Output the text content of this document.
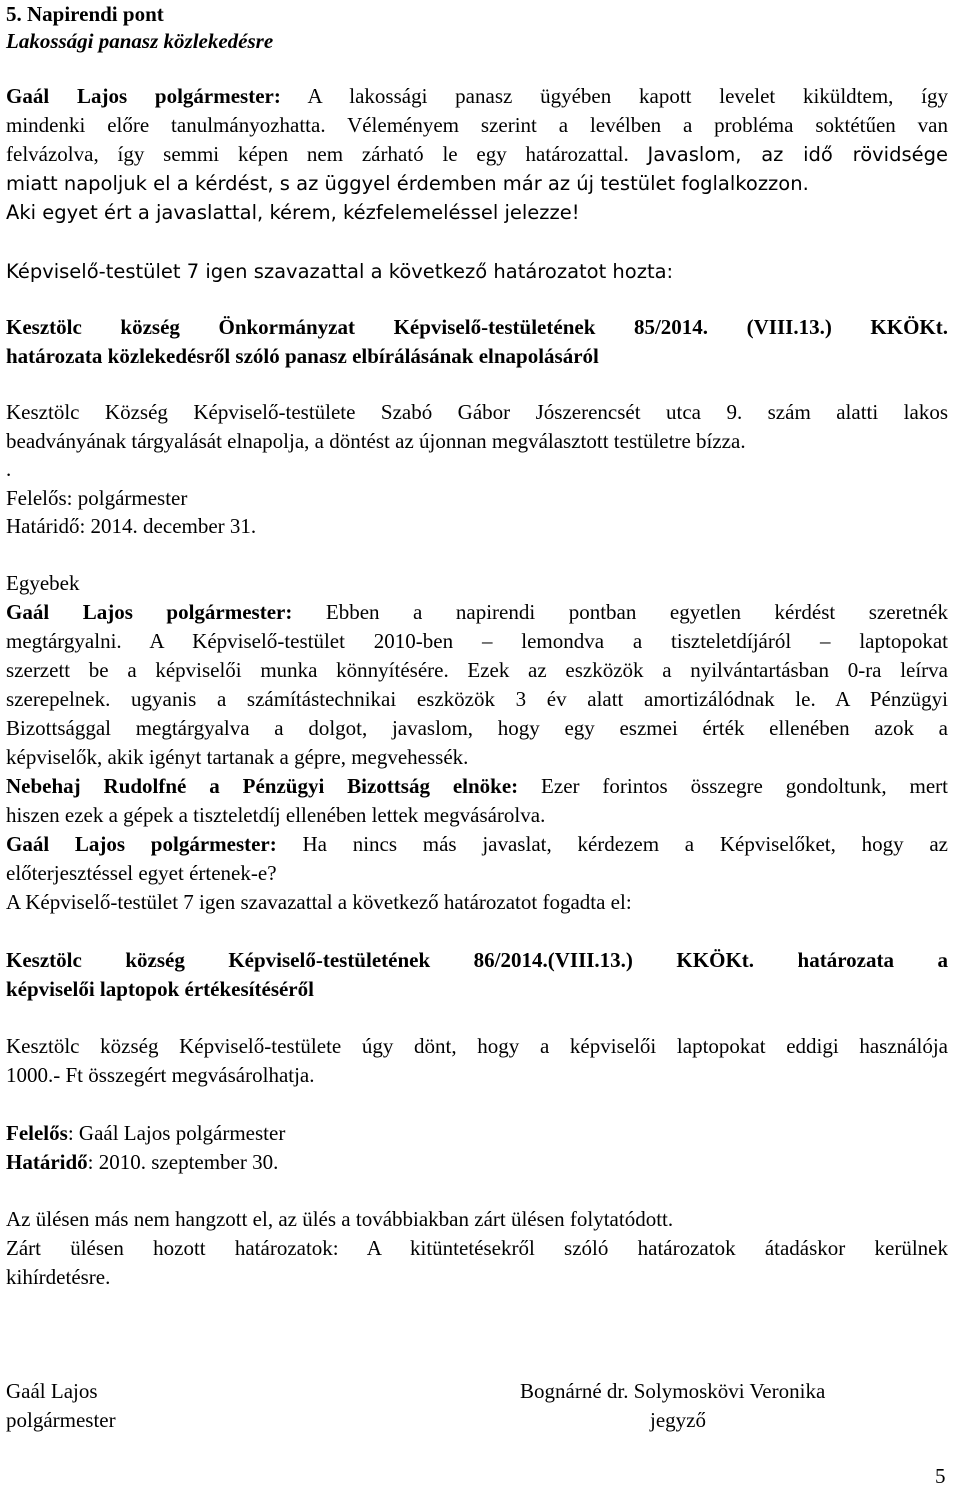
5. Napirendi pont
Lakossági panasz közlekedésre
Gaál Lajos polgármester: A lakossági panasz ügyében kapott levelet kiküldtem, így
mindenki előre tanulmányozhatta. Véleményem szerint a levélben a probléma soktétűen van
felvázolva, így semmi képen nem zárható le egy határozattal. Javaslom, az idő rövidsége
miatt napoljuk el a kérdést, s az üggyel érdemben már az új testület foglalkozzon.
Aki egyet ért a javaslattal, kérem, kézfelemeléssel jelezze!
Képviselő-testület 7 igen szavazattal a következő határozatot hozta:
Kesztölc község Önkormányzat Képviselő-testületének 85/2014. (VIII.13.) KKÖKt.
határozata közlekedésről szóló panasz elbírálásának elnapolásáról
Kesztölc Község Képviselő-testülete Szabó Gábor Jószerencsét utca 9. szám alatti lakos
beadványának tárgyalását elnapolja, a döntést az újonnan megválasztott testületre bízza.
.
Felelős: polgármester
Határidő: 2014. december 31.
Egyebek
Gaál Lajos polgármester: Ebben a napirendi pontban egyetlen kérdést szeretnék
megtárgyalni. A Képviselő-testület 2010-ben – lemondva a tiszteletdíjáról – laptopokat
szerzett be a képviselői munka könnyítésére. Ezek az eszközök a nyilvántartásban 0-ra leírva
szerepelnek. ugyanis a számítástechnikai eszközök 3 év alatt amortizálódnak le. A Pénzügyi
Bizottsággal megtárgyalva a dolgot, javaslom, hogy egy eszmei érték ellenében azok a
képviselők, akik igényt tartanak a gépre, megvehessék.
Nebehaj Rudolfné a Pénzügyi Bizottság elnöke: Ezer forintos összegre gondoltunk, mert
hiszen ezek a gépek a tiszteletdíj ellenében lettek megvásárolva.
Gaál Lajos polgármester: Ha nincs más javaslat, kérdezem a Képviselőket, hogy az
előterjesztéssel egyet értenek-e?
A Képviselő-testület 7 igen szavazattal a következő határozatot fogadta el:
Kesztölc község Képviselő-testületének 86/2014.(VIII.13.) KKÖKt. határozata a
képviselői laptopok értékesítéséről
Kesztölc község Képviselő-testülete úgy dönt, hogy a képviselői laptopokat eddigi használója
1000.- Ft összegért megvásárolhatja.
Felelős: Gaál Lajos polgármester
Határidő: 2010. szeptember 30.
Az ülésen más nem hangzott el, az ülés a továbbiakban zárt ülésen folytatódott.
Zárt ülésen hozott határozatok: A kitüntetésekről szóló határozatok átadáskor kerülnek
kihírdetésre.
Gaál Lajos
polgármester
Bognárné dr. Solymoskövi Veronika
jegyző
5
